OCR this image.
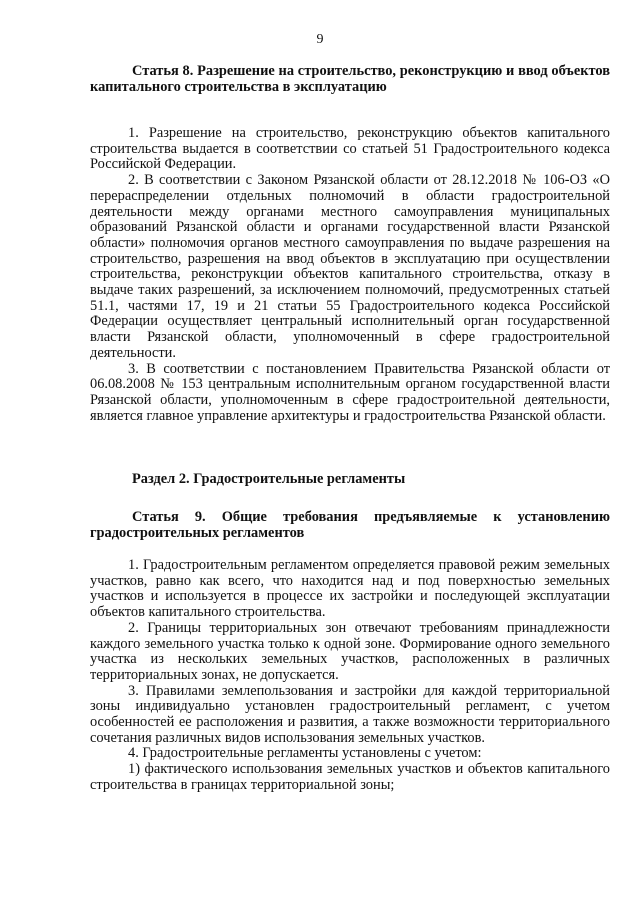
9
Статья 8. Разрешение на строительство, реконструкцию и ввод объектов капитального строительства в эксплуатацию

1. Разрешение на строительство, реконструкцию объектов капитального строительства выдается в соответствии со статьей 51 Градостроительного кодекса Российской Федерации.

2. В соответствии с Законом Рязанской области от 28.12.2018 № 106-ОЗ «О перераспределении отдельных полномочий в области градостроительной деятельности между органами местного самоуправления муниципальных образований Рязанской области и органами государственной власти Рязанской области» полномочия органов местного самоуправления по выдаче разрешения на строительство, разрешения на ввод объектов в эксплуатацию при осуществлении строительства, реконструкции объектов капитального строительства, отказу в выдаче таких разрешений, за исключением полномочий, предусмотренных статьей 51.1, частями 17, 19 и 21 статьи 55 Градостроительного кодекса Российской Федерации осуществляет центральный исполнительный орган государственной власти Рязанской области, уполномоченный в сфере градостроительной деятельности.

3. В соответствии с постановлением Правительства Рязанской области от 06.08.2008 № 153 центральным исполнительным органом государственной власти Рязанской области, уполномоченным в сфере градостроительной деятельности, является главное управление архитектуры и градостроительства Рязанской области.

Раздел 2. Градостроительные регламенты
Статья 9. Общие требования предъявляемые к установлению градостроительных регламентов

1. Градостроительным регламентом определяется правовой режим земельных участков, равно как всего, что находится над и под поверхностью земельных участков и используется в процессе их застройки и последующей эксплуатации объектов капитального строительства.

2. Границы территориальных зон отвечают требованиям принадлежности каждого земельного участка только к одной зоне. Формирование одного земельного участка из нескольких земельных участков, расположенных в различных территориальных зонах, не допускается.

3. Правилами землепользования и застройки для каждой территориальной зоны индивидуально установлен градостроительный регламент, с учетом особенностей ее расположения и развития, а также возможности территориального сочетания различных видов использования земельных участков.

4. Градостроительные регламенты установлены с учетом:

1) фактического использования земельных участков и объектов капитального строительства в границах территориальной зоны;
